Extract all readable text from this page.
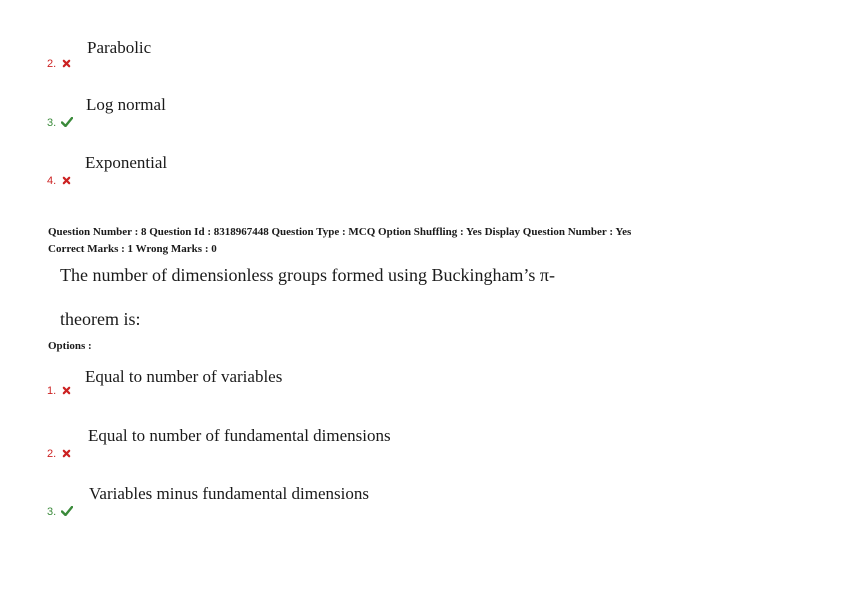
Parabolic
2.
Log normal
3.
Exponential
4.
Question Number : 8 Question Id : 8318967448 Question Type : MCQ Option Shuffling : Yes Display Question Number : Yes
Correct Marks : 1 Wrong Marks : 0
The number of dimensionless groups formed using Buckingham’s π-
theorem is:
Options :
Equal to number of variables
1.
Equal to number of fundamental dimensions
2.
Variables minus fundamental dimensions
3.
